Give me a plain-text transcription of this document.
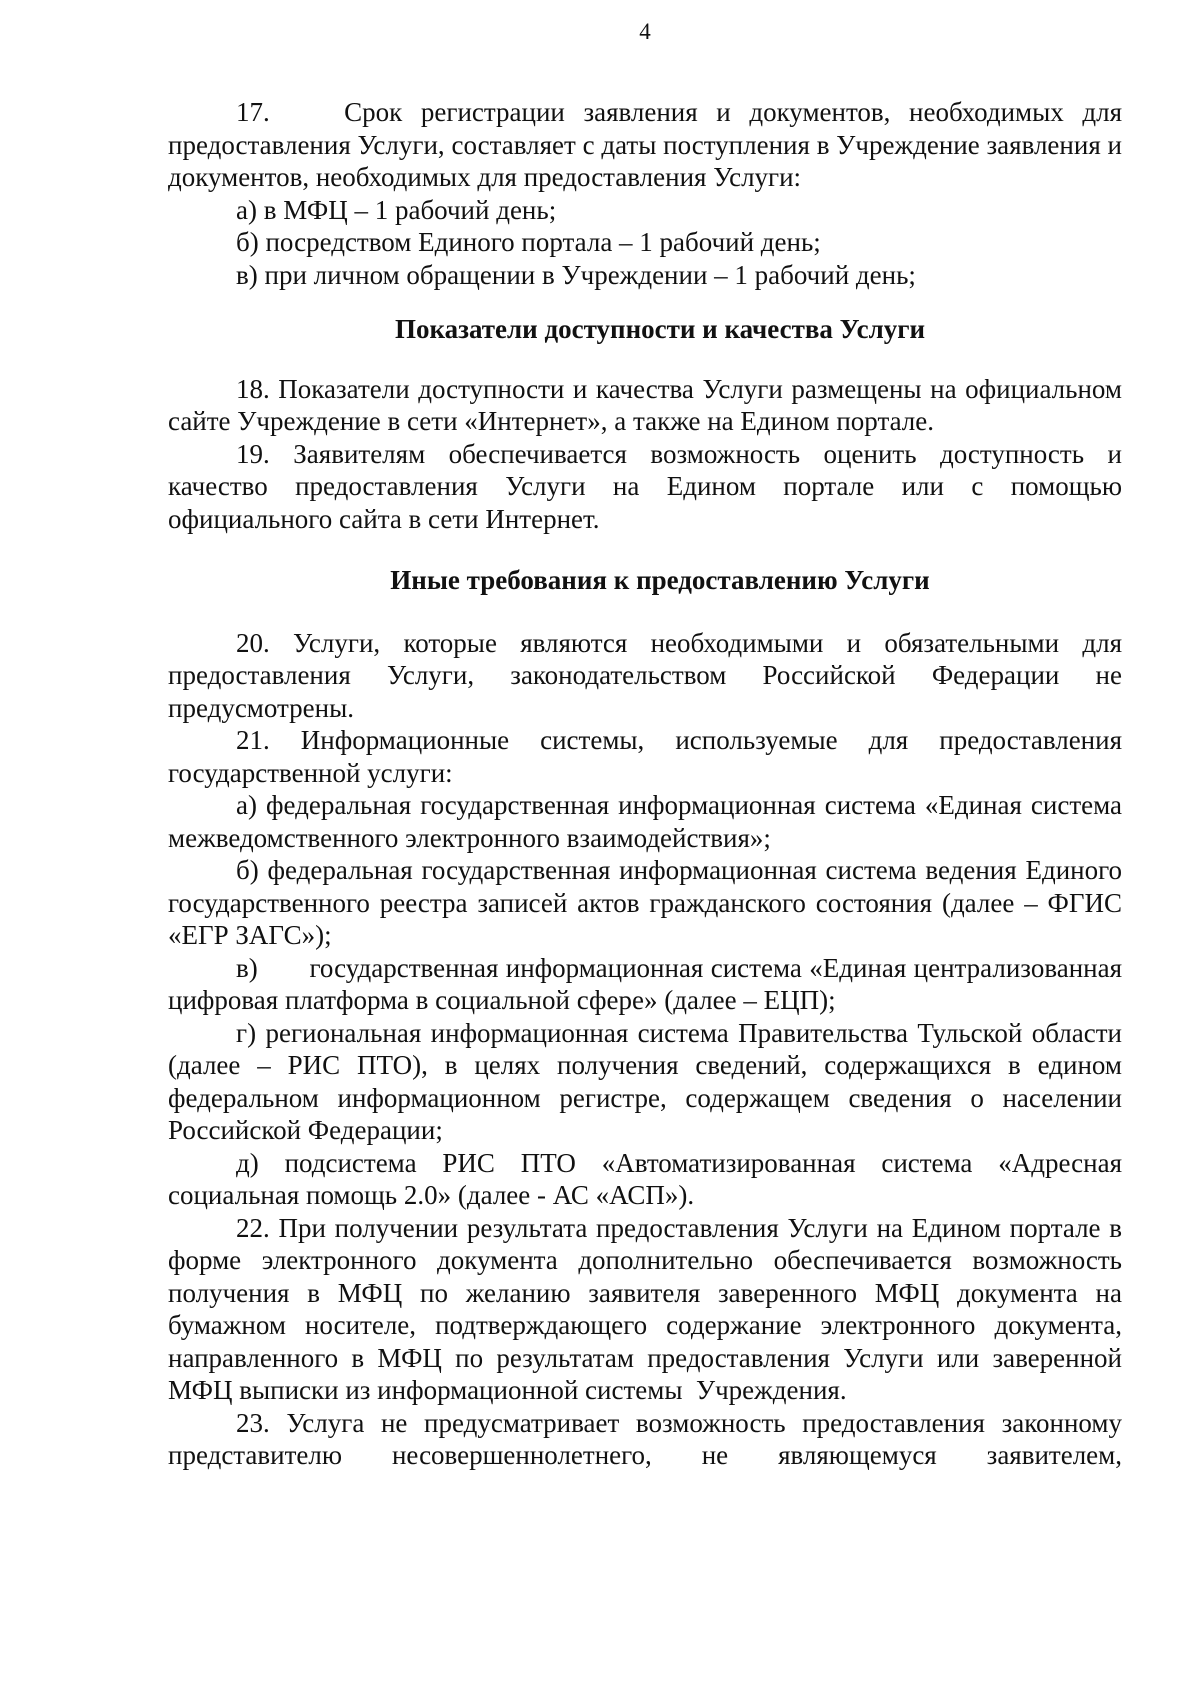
4

17.    Срок регистрации заявления и документов, необходимых для предоставления Услуги, составляет с даты поступления в Учреждение заявления и документов, необходимых для предоставления Услуги:

а) в МФЦ – 1 рабочий день;

б) посредством Единого портала – 1 рабочий день;

в) при личном обращении в Учреждении – 1 рабочий день;

Показатели доступности и качества Услуги

18. Показатели доступности и качества Услуги размещены на официальном сайте Учреждение в сети «Интернет», а также на Едином портале.

19. Заявителям обеспечивается возможность оценить доступность и качество предоставления Услуги на Едином портале или с помощью официального сайта в сети Интернет.

Иные требования к предоставлению Услуги

20. Услуги, которые являются необходимыми и обязательными для предоставления Услуги, законодательством Российской Федерации не предусмотрены.

21. Информационные системы, используемые для предоставления государственной услуги:

а) федеральная государственная информационная система «Единая система межведомственного электронного взаимодействия»;

б) федеральная государственная информационная система ведения Единого государственного реестра записей актов гражданского состояния (далее – ФГИС «ЕГР ЗАГС»);

в)       государственная информационная система «Единая централизованная цифровая платформа в социальной сфере» (далее – ЕЦП);

г) региональная информационная система Правительства Тульской области (далее – РИС ПТО), в целях получения сведений, содержащихся в едином федеральном информационном регистре, содержащем сведения о населении Российской Федерации;

д) подсистема РИС ПТО «Автоматизированная система «Адресная социальная помощь 2.0» (далее - АС «АСП»).

22. При получении результата предоставления Услуги на Едином портале в форме электронного документа дополнительно обеспечивается возможность получения в МФЦ по желанию заявителя заверенного МФЦ документа на бумажном носителе, подтверждающего содержание электронного документа, направленного в МФЦ по результатам предоставления Услуги или заверенной МФЦ выписки из информационной системы  Учреждения.

23. Услуга не предусматривает возможность предоставления законному представителю несовершеннолетнего, не являющемуся заявителем,
